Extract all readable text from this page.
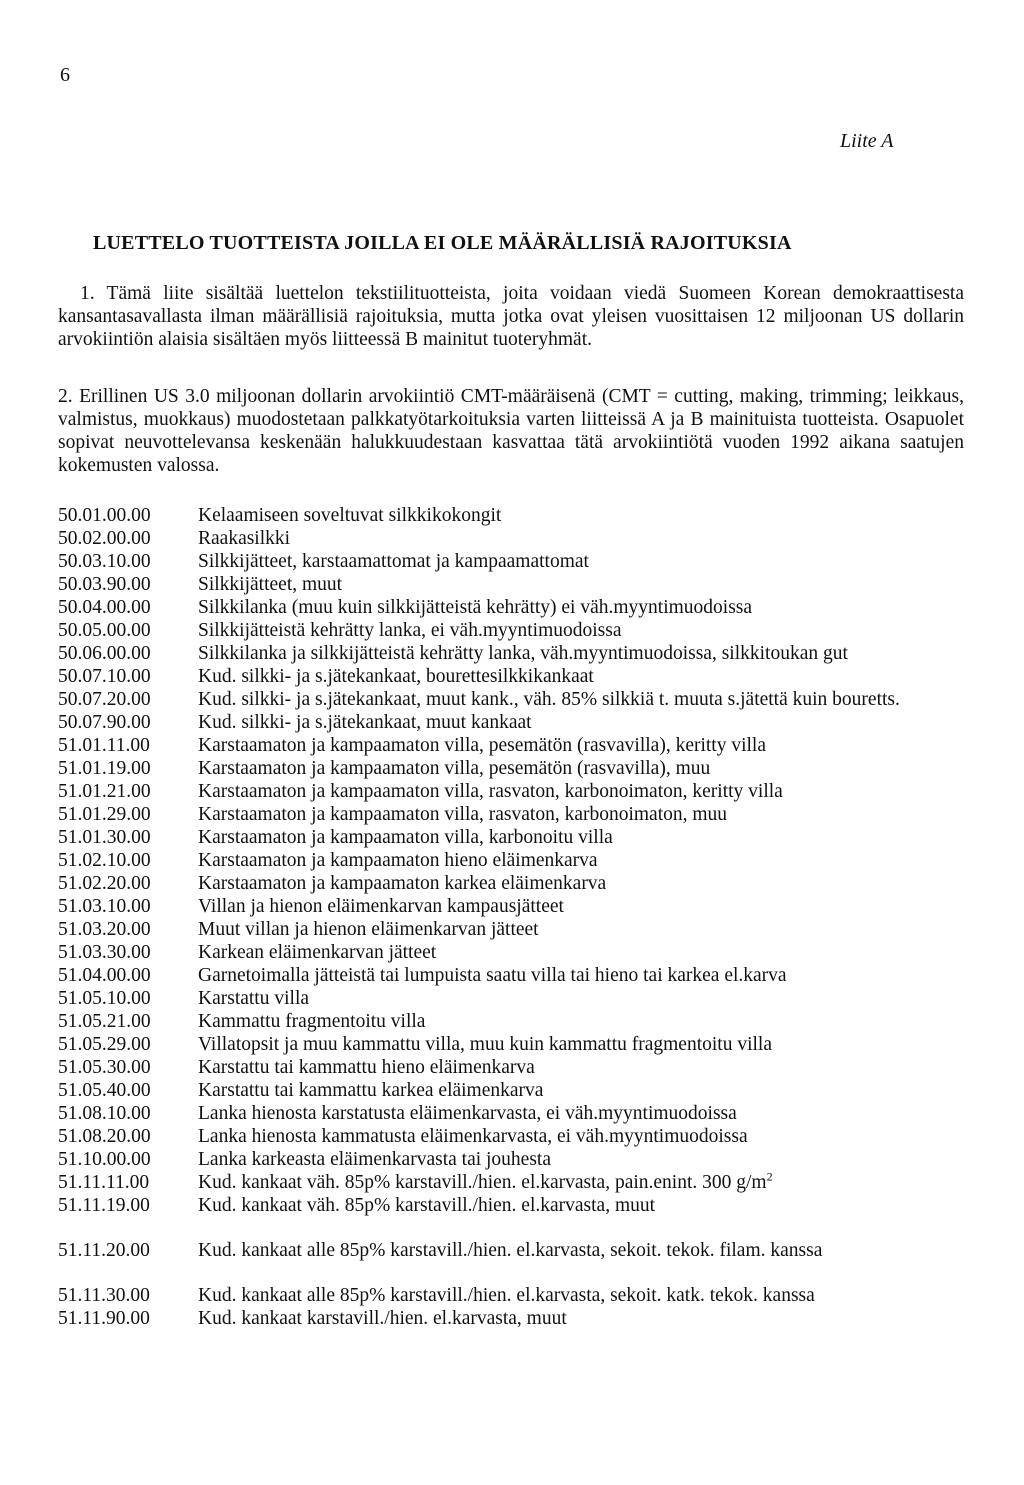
6
Liite A
LUETTELO TUOTTEISTA JOILLA EI OLE MÄÄRÄLLISIÄ RAJOITUKSIA
1. Tämä liite sisältää luettelon tekstiilituotteista, joita voidaan viedä Suomeen Korean demokraattisesta kansantasavallasta ilman määrällisiä rajoituksia, mutta jotka ovat yleisen vuosittaisen 12 miljoonan US dollarin arvokiintiön alaisia sisältäen myös liitteessä B mainitut tuoteryhmät.
2. Erillinen US 3.0 miljoonan dollarin arvokiintiö CMT-määräisenä (CMT = cutting, making, trimming; leikkaus, valmistus, muokkaus) muodostetaan palkkatyötarkoituksia varten liitteissä A ja B mainituista tuotteista. Osapuolet sopivat neuvottelevansa keskenään halukkuudestaan kasvattaa tätä arvokiintiötä vuoden 1992 aikana saatujen kokemusten valossa.
50.01.00.00	Kelaamiseen soveltuvat silkkikokongit
50.02.00.00	Raakasilkki
50.03.10.00	Silkkijätteet, karstaamattomat ja kampaamattomat
50.03.90.00	Silkkijätteet, muut
50.04.00.00	Silkkilanka (muu kuin silkkijätteistä kehrätty) ei väh.myyntimuodoissa
50.05.00.00	Silkkijätteistä kehrätty lanka, ei väh.myyntimuodoissa
50.06.00.00	Silkkilanka ja silkkijätteistä kehrätty lanka, väh.myyntimuodoissa, silkkitoukan gut
50.07.10.00	Kud. silkki- ja s.jätekankaat, bourettesilkkikankaat
50.07.20.00	Kud. silkki- ja s.jätekankaat, muut kank., väh. 85% silkkiä t. muuta s.jätettä kuin bouretts.
50.07.90.00	Kud. silkki- ja s.jätekankaat, muut kankaat
51.01.11.00	Karstaamaton ja kampaamaton villa, pesemätön (rasvavilla), keritty villa
51.01.19.00	Karstaamaton ja kampaamaton villa, pesemätön (rasvavilla), muu
51.01.21.00	Karstaamaton ja kampaamaton villa, rasvaton, karbonoimaton, keritty villa
51.01.29.00	Karstaamaton ja kampaamaton villa, rasvaton, karbonoimaton, muu
51.01.30.00	Karstaamaton ja kampaamaton villa, karbonoitu villa
51.02.10.00	Karstaamaton ja kampaamaton hieno eläimenkarva
51.02.20.00	Karstaamaton ja kampaamaton karkea eläimenkarva
51.03.10.00	Villan ja hienon eläimenkarvan kampausjätteet
51.03.20.00	Muut villan ja hienon eläimenkarvan jätteet
51.03.30.00	Karkean eläimenkarvan jätteet
51.04.00.00	Garnetoimalla jätteistä tai lumpuista saatu villa tai hieno tai karkea el.karva
51.05.10.00	Karstattu villa
51.05.21.00	Kammattu fragmentoitu villa
51.05.29.00	Villatopsit ja muu kammattu villa, muu kuin kammattu fragmentoitu villa
51.05.30.00	Karstattu tai kammattu hieno eläimenkarva
51.05.40.00	Karstattu tai kammattu karkea eläimenkarva
51.08.10.00	Lanka hienosta karstatusta eläimenkarvasta, ei väh.myyntimuodoissa
51.08.20.00	Lanka hienosta kammatusta eläimenkarvasta, ei väh.myyntimuodoissa
51.10.00.00	Lanka karkeasta eläimenkarvasta tai jouhesta
51.11.11.00	Kud. kankaat väh. 85p% karstavill./hien. el.karvasta, pain.enint. 300 $g/m^2$
51.11.19.00	Kud. kankaat väh. 85p% karstavill./hien. el.karvasta, muut
51.11.20.00	Kud. kankaat alle 85p% karstavill./hien. el.karvasta, sekoit. tekok. filam. kanssa
51.11.30.00	Kud. kankaat alle 85p% karstavill./hien. el.karvasta, sekoit. katk. tekok. kanssa
51.11.90.00	Kud. kankaat karstavill./hien. el.karvasta, muut
